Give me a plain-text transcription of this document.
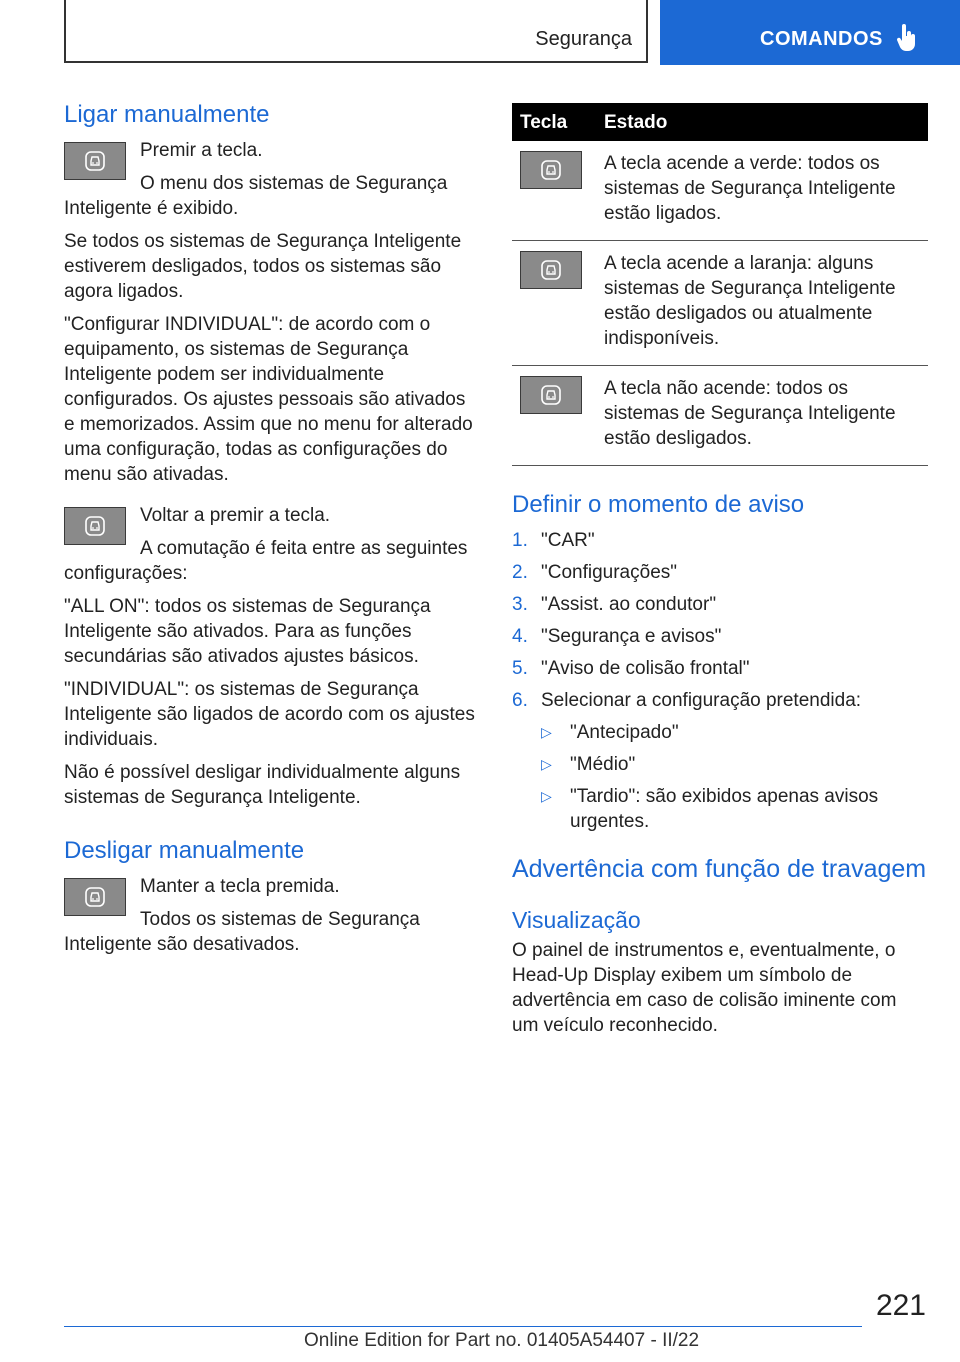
Segurança	COMANDOS
Ligar manualmente

Premir a tecla.

O menu dos sistemas de Segurança Inteligente é exibido.

Se todos os sistemas de Segurança Inteligente estiverem desligados, todos os sistemas são agora ligados.

"Configurar INDIVIDUAL": de acordo com o equipamento, os sistemas de Segurança Inteligente podem ser individualmente configurados. Os ajustes pessoais são ativados e memorizados. Assim que no menu for alterado uma configuração, todas as configurações do menu são ativadas.

Voltar a premir a tecla.

A comutação é feita entre as seguintes configurações:

"ALL ON": todos os sistemas de Segurança Inteligente são ativados. Para as funções secundárias são ativados ajustes básicos.

"INDIVIDUAL": os sistemas de Segurança Inteligente são ligados de acordo com os ajustes individuais.

Não é possível desligar individualmente alguns sistemas de Segurança Inteligente.

Desligar manualmente

Manter a tecla premida.

Todos os sistemas de Segurança Inteligente são desativados.

Tecla	Estado

	A tecla acende a verde: todos os sistemas de Segurança Inteligente estão ligados.

	A tecla acende a laranja: alguns sistemas de Segurança Inteligente estão desligados ou atualmente indisponíveis.

	A tecla não acende: todos os sistemas de Segurança Inteligente estão desligados.
Definir o momento de aviso
1. "CAR"
2. "Configurações"
3. "Assist. ao condutor"
4. "Segurança e avisos"
5. "Aviso de colisão frontal"
6. Selecionar a configuração pretendida:
▷ "Antecipado"
▷ "Médio"
▷ "Tardio": são exibidos apenas avisos urgentes.
Advertência com função de travagem
Visualização

O painel de instrumentos e, eventualmente, o Head-Up Display exibem um símbolo de advertência em caso de colisão iminente com um veículo reconhecido.

221
Online Edition for Part no. 01405A54407 - II/22
